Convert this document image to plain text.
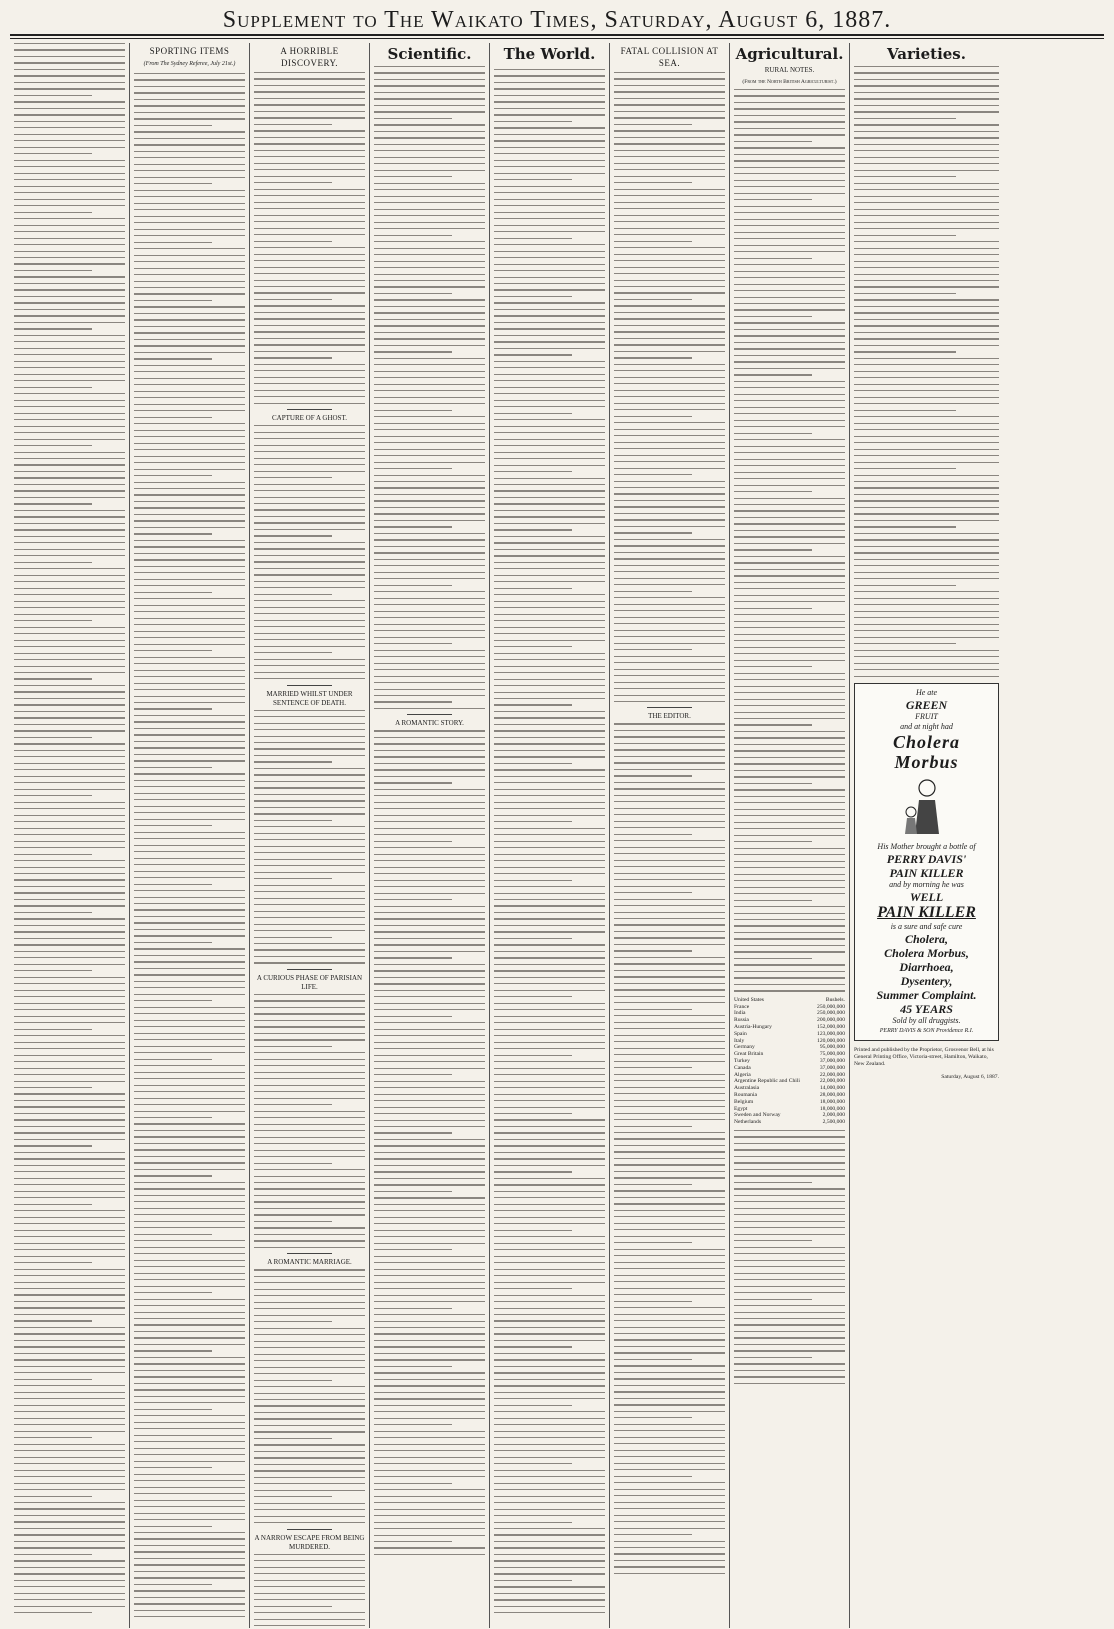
Supplement to The Waikato Times, Saturday, August 6, 1887.
SPORTING ITEMS
(From The Sydney Referee, July 21st.)
A HORRIBLE DISCOVERY.
CAPTURE OF A GHOST.
MARRIED WHILST UNDER SENTENCE OF DEATH.
A CURIOUS PHASE OF PARISIAN LIFE.
A ROMANTIC MARRIAGE.
A NARROW ESCAPE FROM BEING MURDERED.
Scientific.
A ROMANTIC STORY.
The World.	FATAL COLLISION AT SEA.
THE EDITOR.
Agricultural.
RURAL NOTES.
(From the North British Agriculturist.)
United States	Bushels.
France	250,000,000
India	250,000,000
Russia	200,000,000
Austria-Hungary	152,000,000
Spain	123,000,000
Italy	120,000,000
Germany	95,000,000
Great Britain	75,000,000
Turkey	37,000,000
Canada	37,000,000
Algeria	22,000,000
Argentine Republic and Chili	22,000,000
Australasia	14,000,000
Roumania	28,000,000
Belgium	18,000,000
Egypt	18,000,000
Sweden and Norway	2,000,000
Netherlands	2,500,000
Varieties.
He ate
GREEN
FRUIT
and at night had
Cholera
Morbus
His Mother brought a bottle of
PERRY DAVIS'
PAIN KILLER
and by morning he was
WELL
PAIN KILLER
is a sure and safe cure
Cholera,
Cholera Morbus,
Diarrhoea,
Dysentery,
Summer Complaint.
45 YEARS
Sold by all druggists.
PERRY DAVIS & SON Providence R.I.
Printed and published by the Proprietor, Grosvenor Bell, at his General Printing Office, Victoria-street, Hamilton, Waikato, New Zealand.
Saturday, August 6, 1887.
